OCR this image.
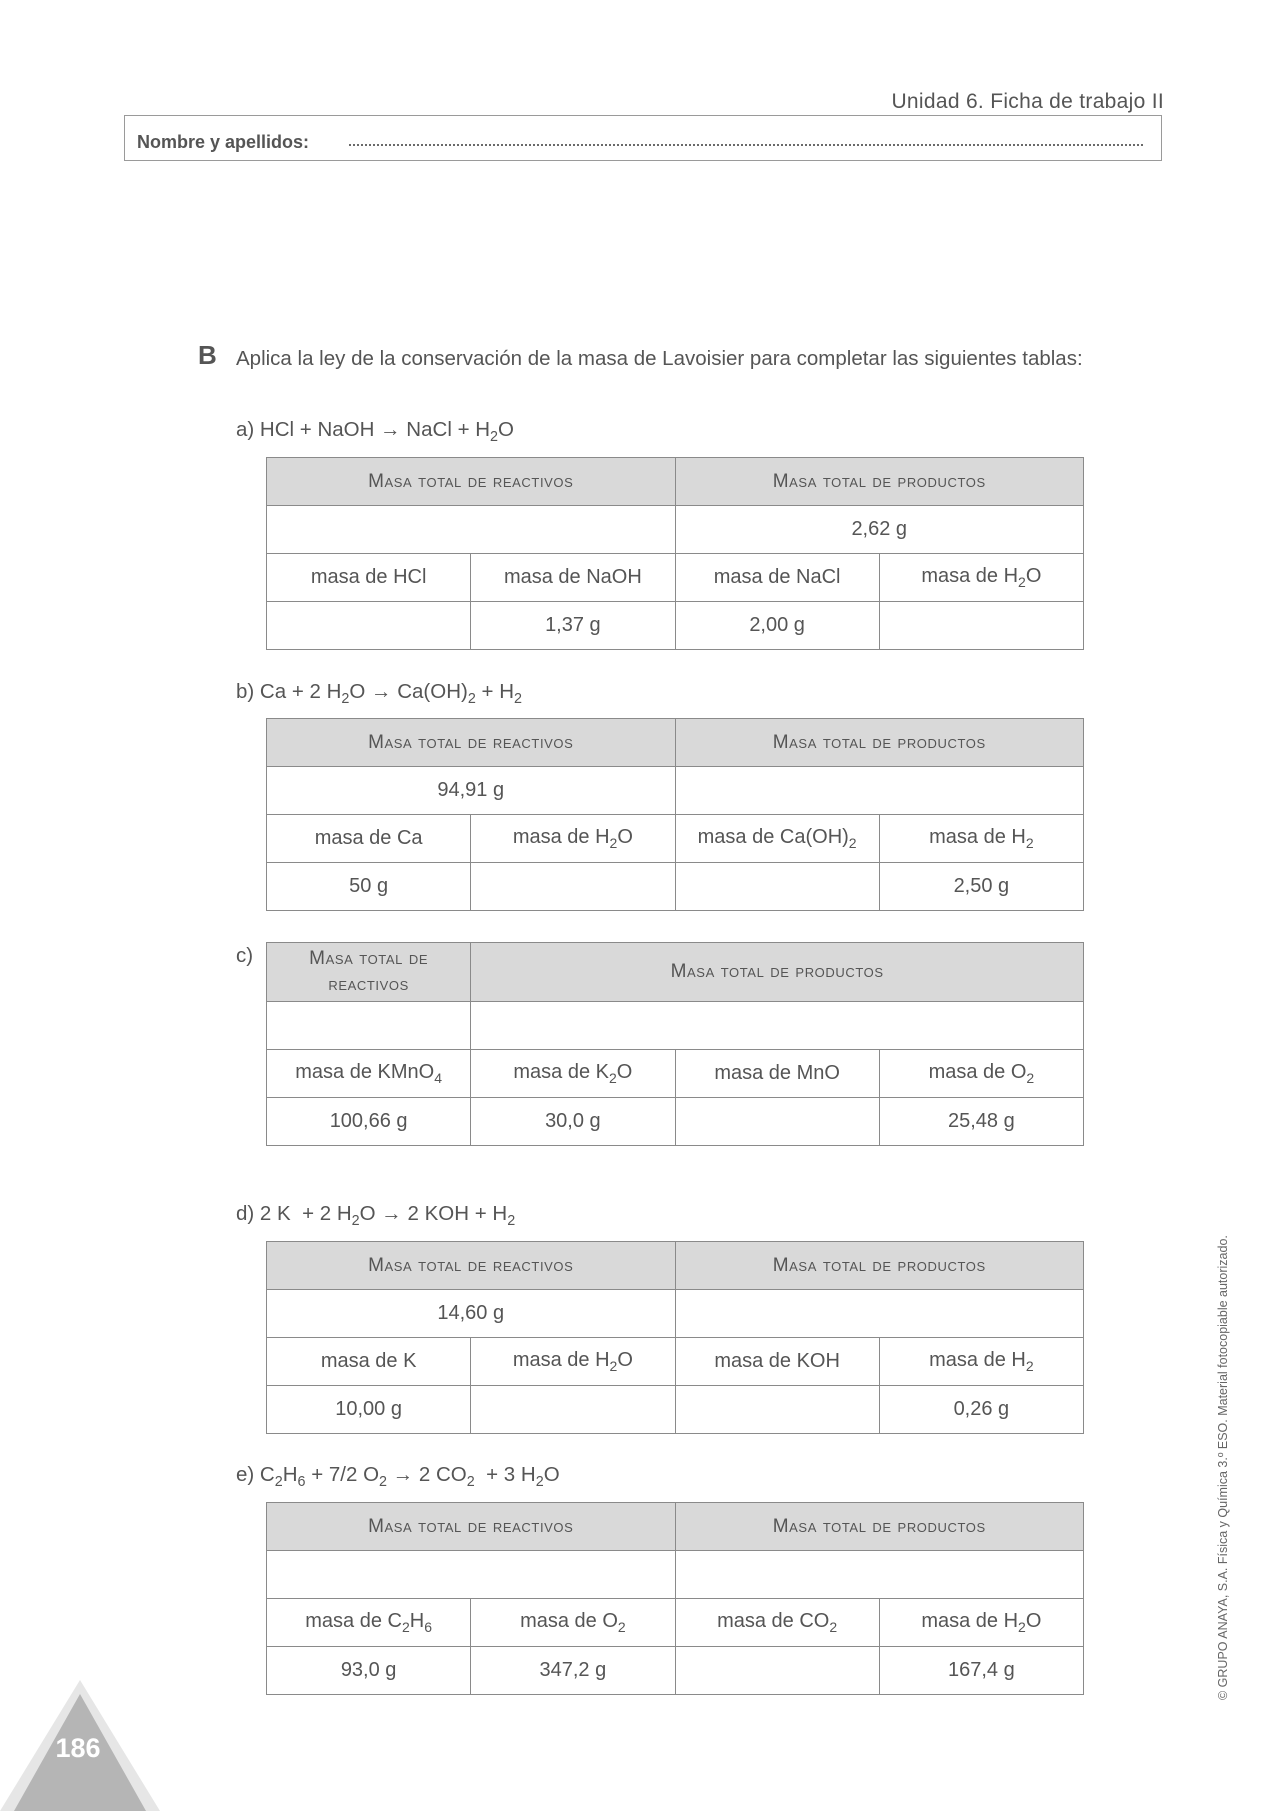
Unidad 6. Ficha de trabajo II
Nombre y apellidos:
B Aplica la ley de la conservación de la masa de Lavoisier para completar las siguientes tablas:
a) HCl + NaOH → NaCl + $H_2O$
Masa total de reactivos		Masa total de productos	
		2,62 g	
masa de HCl	masa de NaOH	masa de NaCl	masa de $H_2O$
	1,37 g	2,00 g	
b) Ca + 2 $H_2O \to Ca(OH)_2 + H_2$
Masa total de reactivos		Masa total de productos	
94,91 g			
masa de Ca	masa de $H_2O$	masa de $Ca(OH)_2$	masa de $H_2$
50 g			2,50 g
c)	Masa total de reactivos	Masa total de productos		

masa de KMnO$_4$	masa de $K_2O$	masa de MnO	masa de $O_2$
100,66 g	30,0 g		25,48 g
d) 2 K  + 2 $H_2O \to 2$ KOH + $H_2$
Masa total de reactivos		Masa total de productos	
14,60 g			
masa de K	masa de $H_2O$	masa de KOH	masa de $H_2$
10,00 g			0,26 g
e) $C_2H_6 + 7/2$ $O_2 \to 2$ $CO_2 + 3$ $H_2O$
Masa total de reactivos		Masa total de productos	

masa de $C_2H_6$	masa de $O_2$	masa de $CO_2$	masa de $H_2O$
93,0 g	347,2 g		167,4 g	© GRUPO ANAYA, S.A. Física y Química 3.º ESO. Material fotocopiable autorizado.
186
